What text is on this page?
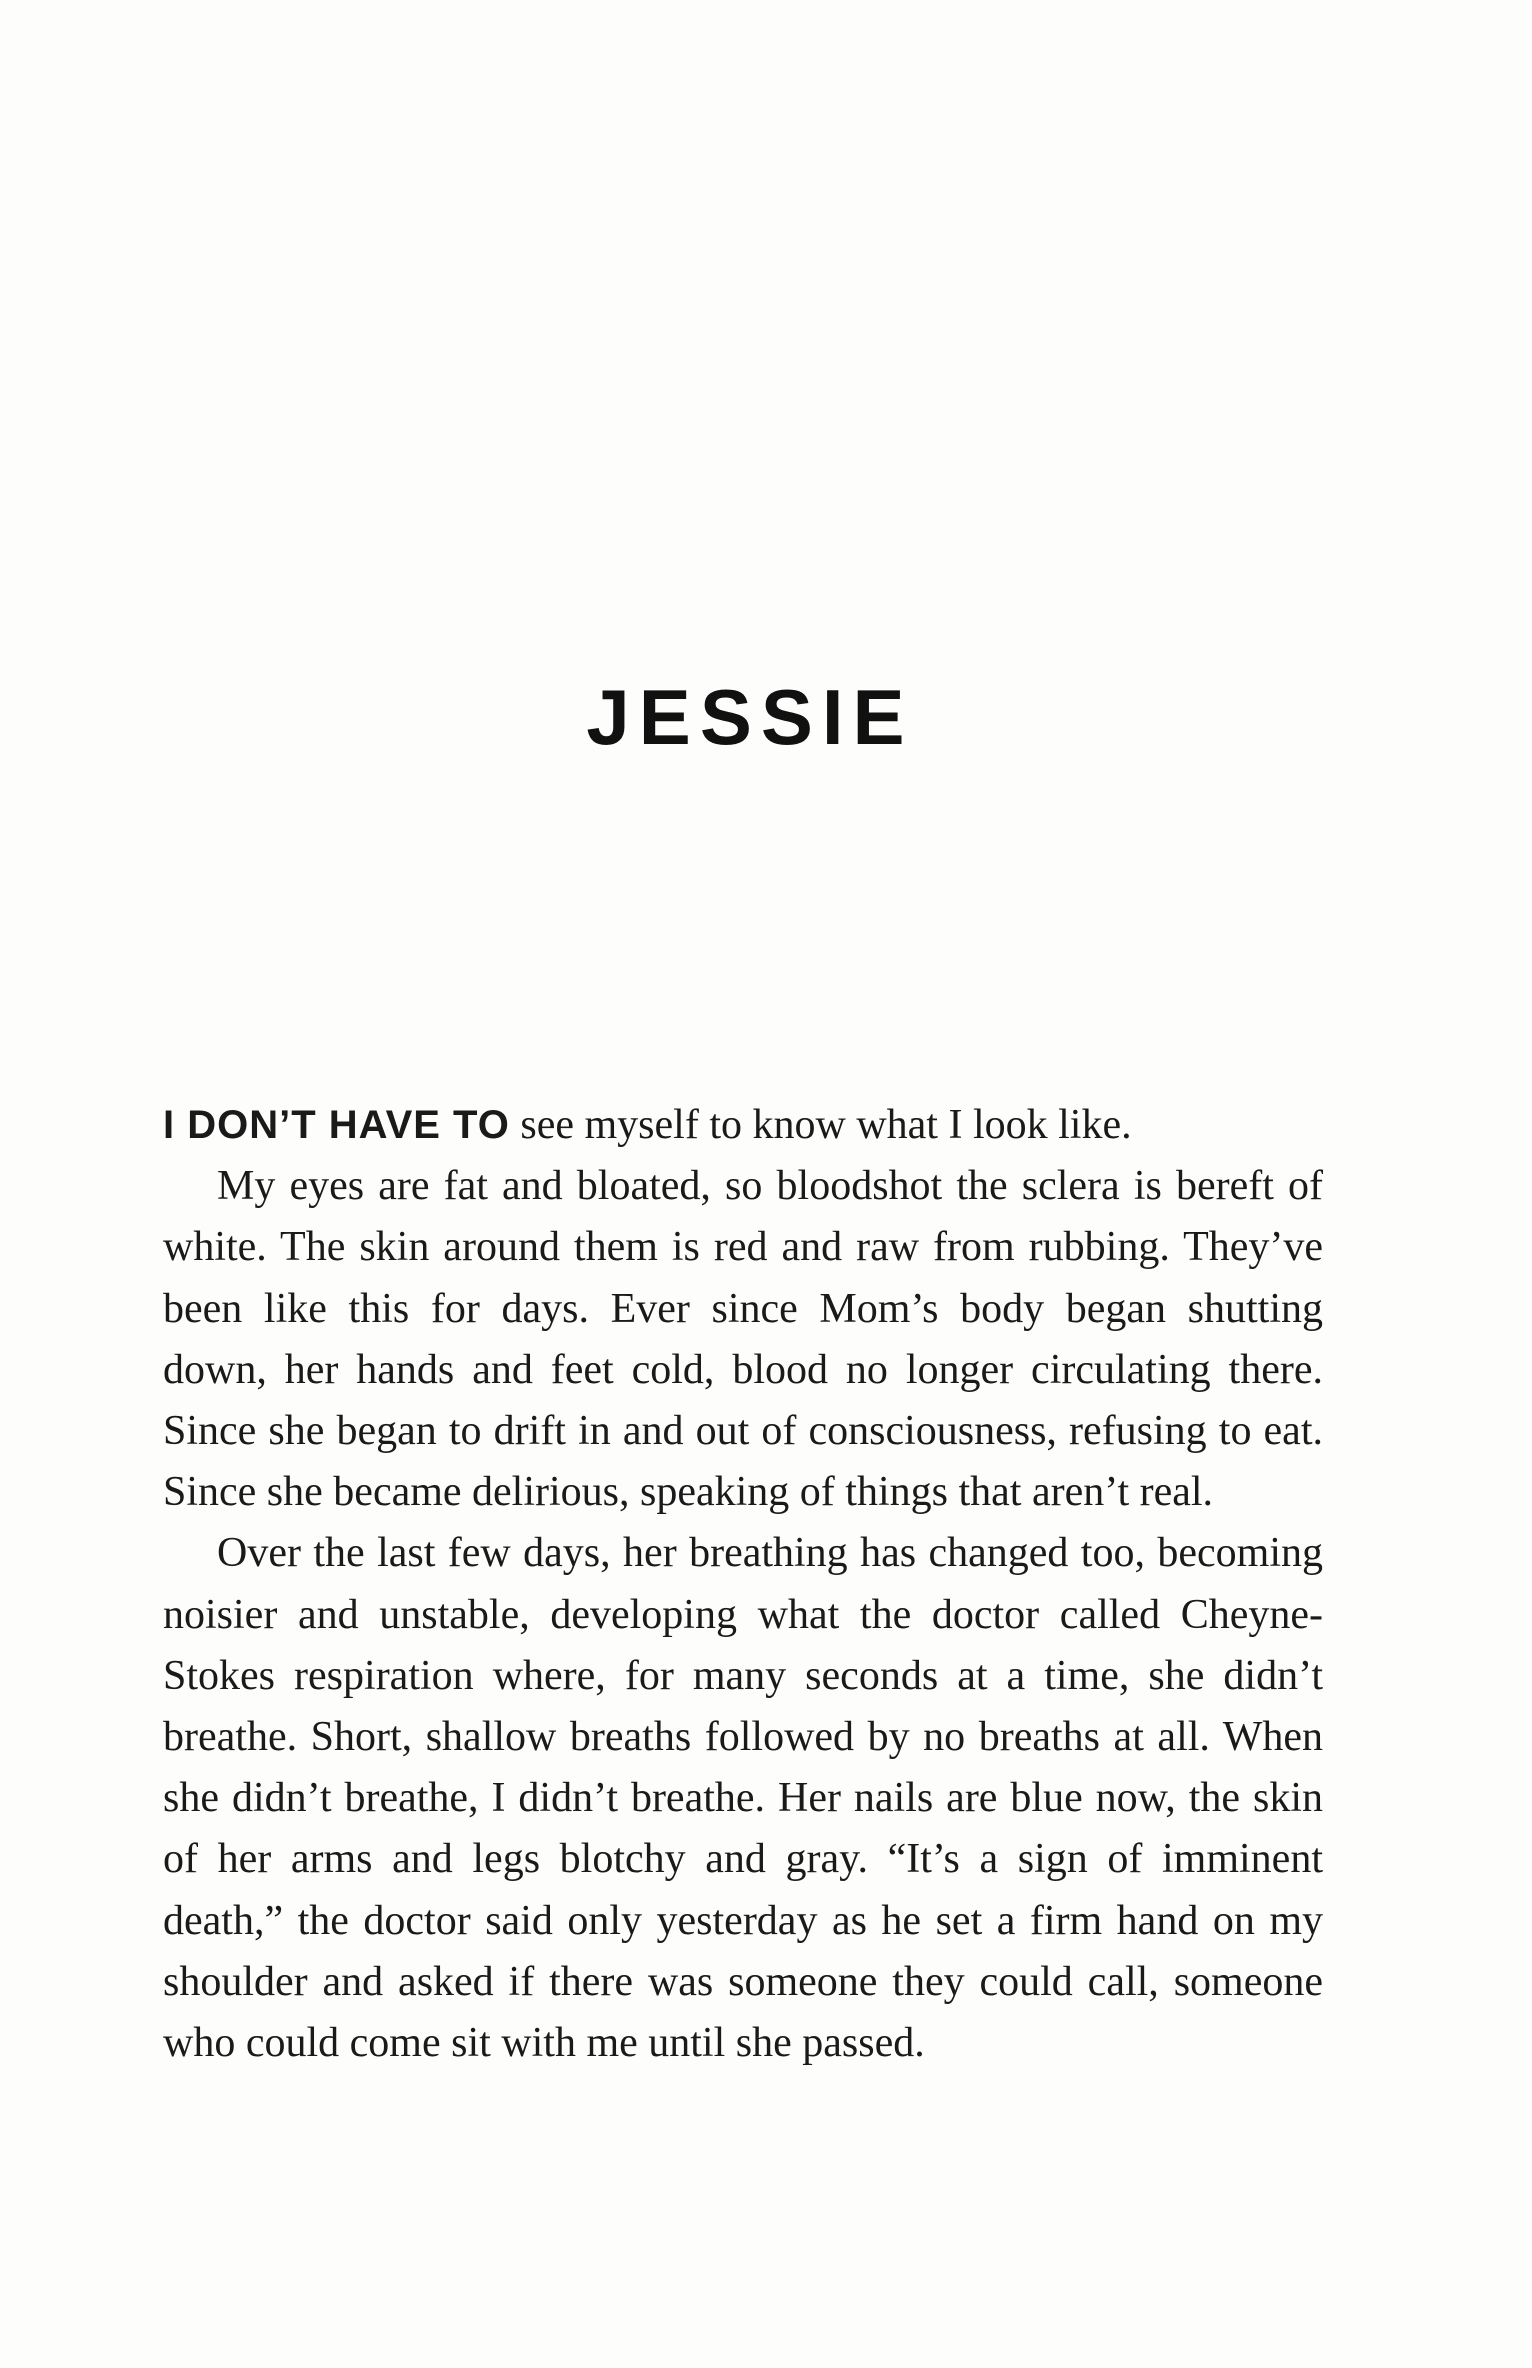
JESSIE

I DON’T HAVE TO see myself to know what I look like.

My eyes are fat and bloated, so bloodshot the sclera is bereft of white. The skin around them is red and raw from rubbing. They’ve been like this for days. Ever since Mom’s body began shutting down, her hands and feet cold, blood no longer circulating there. Since she began to drift in and out of consciousness, refusing to eat. Since she became delirious, speaking of things that aren’t real.

Over the last few days, her breathing has changed too, becoming noisier and unstable, developing what the doctor called Cheyne-Stokes respiration where, for many seconds at a time, she didn’t breathe. Short, shallow breaths followed by no breaths at all. When she didn’t breathe, I didn’t breathe. Her nails are blue now, the skin of her arms and legs blotchy and gray. “It’s a sign of imminent death,” the doctor said only yesterday as he set a firm hand on my shoulder and asked if there was someone they could call, someone who could come sit with me until she passed.
